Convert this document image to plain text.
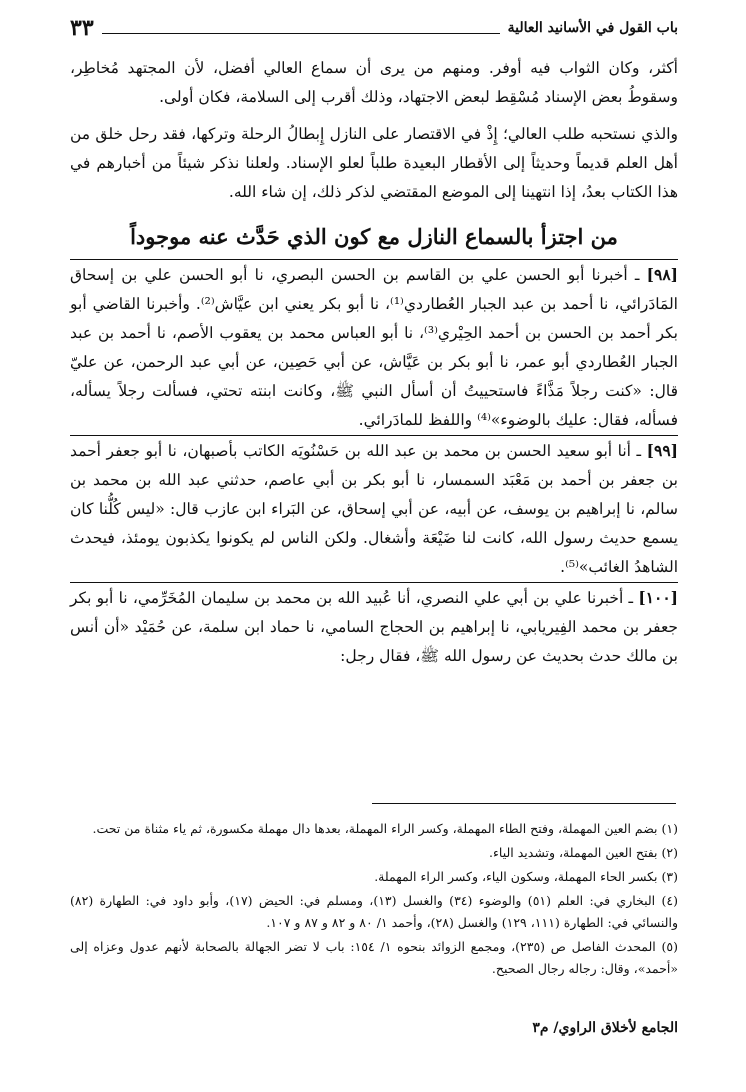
باب القول في الأسانيد العالية
٣٣

أكثر، وكان الثواب فيه أوفر. ومنهم من يرى أن سماع العالي أفضل، لأن المجتهد مُخاطِر، وسقوطُ بعض الإسناد مُسْقِط لبعض الاجتهاد، وذلك أقرب إلى السلامة، فكان أولى.

والذي نستحبه طلب العالي؛ إِذْ في الاقتصار على النازل إِبطالُ الرحلة وتركها، فقد رحل خلق من أهل العلم قديماً وحديثاً إلى الأقطار البعيدة طلباً لعلو الإسناد. ولعلنا نذكر شيئاً من أخبارهم في هذا الكتاب بعدُ، إذا انتهينا إلى الموضع المقتضي لذكر ذلك، إن شاء الله.

من اجتزأ بالسماع النازل مع كون الذي حَدَّث عنه موجوداً

[٩٨] ـ أخبرنا أبو الحسن علي بن القاسم بن الحسن البصري، نا أبو الحسن علي بن إسحاق المَادَرائي، نا أحمد بن عبد الجبار العُطاردي⁽¹⁾، نا أبو بكر يعني ابن عيَّاش⁽²⁾. وأخبرنا القاضي أبو بكر أحمد بن الحسن بن أحمد الحِيْري⁽³⁾، نا أبو العباس محمد بن يعقوب الأصم، نا أحمد بن عبد الجبار العُطاردي أبو عمر، نا أبو بكر بن عَيَّاش، عن أبي حَصِين، عن أبي عبد الرحمن، عن عليّ قال: «كنت رجلاً مَذَّاءً فاستحييتُ أن أسأل النبي ﷺ، وكانت ابنته تحتي، فسألت رجلاً يسأله، فسأله، فقال: عليك بالوضوء»⁽⁴⁾ واللفظ للمادَرائي.

[٩٩] ـ أنا أبو سعيد الحسن بن محمد بن عبد الله بن حَسْنُويَه الكاتب بأصبهان، نا أبو جعفر أحمد بن جعفر بن أحمد بن مَعْبَد السمسار، نا أبو بكر بن أبي عاصم، حدثني عبد الله بن محمد بن سالم، نا إبراهيم بن يوسف، عن أبيه، عن أبي إسحاق، عن البَراء ابن عازب قال: «ليس كُلُّنا كان يسمع حديث رسول الله، كانت لنا ضَيْعَة وأشغال. ولكن الناس لم يكونوا يكذبون يومئذ، فيحدث الشاهدُ الغائب»⁽⁵⁾.

[١٠٠] ـ أخبرنا علي بن أبي علي النصري، أنا عُبيد الله بن محمد بن سليمان المُخَرِّمي، نا أبو بكر جعفر بن محمد الفِيريابي، نا إبراهيم بن الحجاج السامي، نا حماد ابن سلمة، عن حُمَيْد «أن أنس بن مالك حدث بحديث عن رسول الله ﷺ، فقال رجل:

(١) بضم العين المهملة، وفتح الطاء المهملة، وكسر الراء المهملة، بعدها دال مهملة مكسورة، ثم ياء مثناة من تحت.

(٢) بفتح العين المهملة، وتشديد الياء.

(٣) بكسر الحاء المهملة، وسكون الياء، وكسر الراء المهملة.

(٤) البخاري في: العلم (٥١) والوضوء (٣٤) والغسل (١٣)، ومسلم في: الحيض (١٧)، وأبو داود في: الطهارة (٨٢) والنسائي في: الطهارة (١١١، ١٢٩) والغسل (٢٨)، وأحمد ١/ ٨٠ و ٨٢ و ٨٧ و ١٠٧.

(٥) المحدث الفاصل ص (٢٣٥)، ومجمع الزوائد بنحوه ١/ ١٥٤: باب لا تضر الجهالة بالصحابة لأنهم عدول وعزاه إلى «أحمد»، وقال: رجاله رجال الصحيح.

الجامع لأخلاق الراوي/ م٣
